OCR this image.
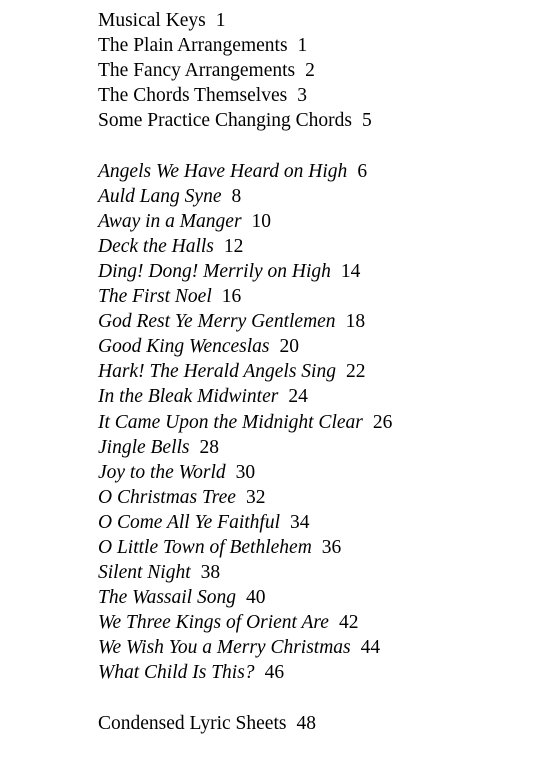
Musical Keys 1
The Plain Arrangements 1
The Fancy Arrangements 2
The Chords Themselves 3
Some Practice Changing Chords 5
Angels We Have Heard on High 6
Auld Lang Syne 8
Away in a Manger 10
Deck the Halls 12
Ding! Dong! Merrily on High 14
The First Noel 16
God Rest Ye Merry Gentlemen 18
Good King Wenceslas 20
Hark! The Herald Angels Sing 22
In the Bleak Midwinter 24
It Came Upon the Midnight Clear 26
Jingle Bells 28
Joy to the World 30
O Christmas Tree 32
O Come All Ye Faithful 34
O Little Town of Bethlehem 36
Silent Night 38
The Wassail Song 40
We Three Kings of Orient Are 42
We Wish You a Merry Christmas 44
What Child Is This? 46
Condensed Lyric Sheets 48
